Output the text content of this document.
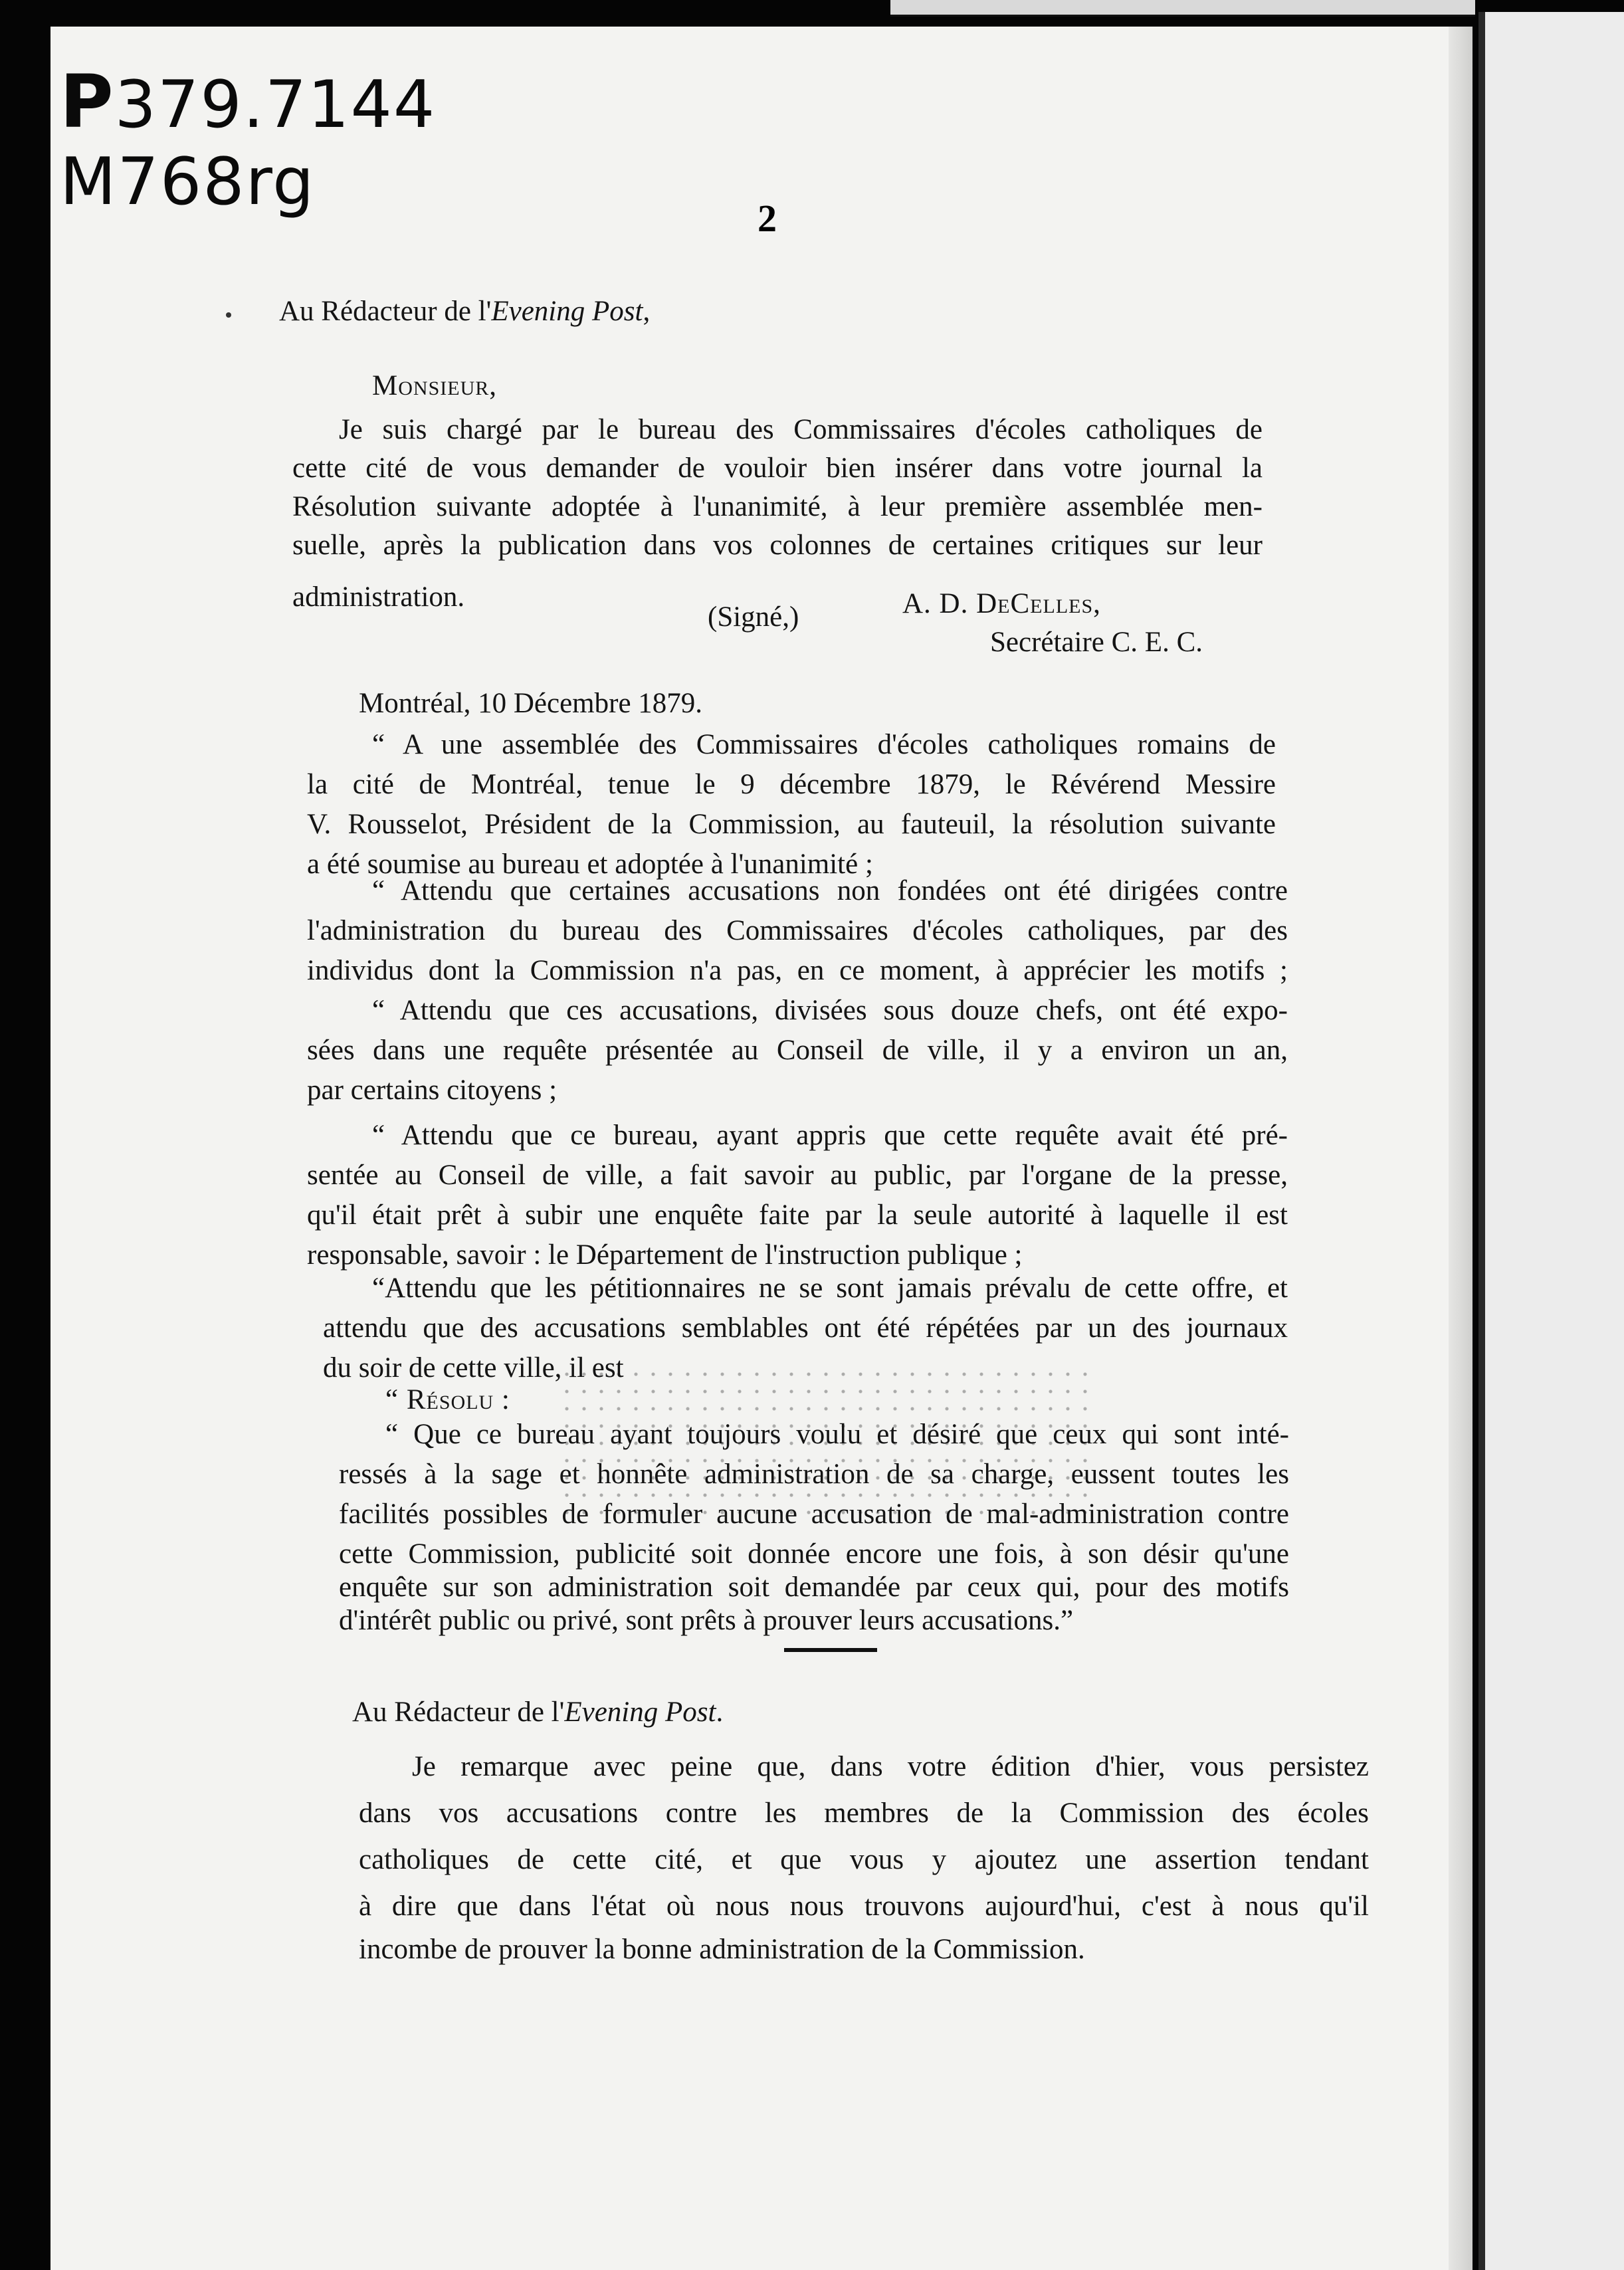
P379.7144
M768rg	2
Au Rédacteur de l'Evening Post,
Monsieur,
Je suis chargé par le bureau des Commissaires d'écoles catholiques de
cette cité de vous demander de vouloir bien insérer dans votre journal la
Résolution suivante adoptée à l'unanimité, à leur première assemblée men-
suelle, après la publication dans vos colonnes de certaines critiques sur leur
administration.
(Signé,)	A. D. DeCelles,
Secrétaire C. E. C.
Montréal, 10 Décembre 1879.
“ A une assemblée des Commissaires d'écoles catholiques romains de
la cité de Montréal, tenue le 9 décembre 1879, le Révérend Messire
V. Rousselot, Président de la Commission, au fauteuil, la résolution suivante
a été soumise au bureau et adoptée à l'unanimité ;
“ Attendu que certaines accusations non fondées ont été dirigées contre
l'administration du bureau des Commissaires d'écoles catholiques, par des
individus dont la Commission n'a pas, en ce moment, à apprécier les motifs ;
“ Attendu que ces accusations, divisées sous douze chefs, ont été expo-
sées dans une requête présentée au Conseil de ville, il y a environ un an,
par certains citoyens ;
“ Attendu que ce bureau, ayant appris que cette requête avait été pré-
sentée au Conseil de ville, a fait savoir au public, par l'organe de la presse,
qu'il était prêt à subir une enquête faite par la seule autorité à laquelle il est
responsable, savoir : le Département de l'instruction publique ;
“Attendu que les pétitionnaires ne se sont jamais prévalu de cette offre, et
attendu que des accusations semblables ont été répétées par un des journaux
du soir de cette ville, il est
“ Résolu :
“ Que ce bureau ayant toujours voulu et désiré que ceux qui sont inté-
ressés à la sage et honnête administration de sa charge, eussent toutes les
facilités possibles de formuler aucune accusation de mal-administration contre
cette Commission, publicité soit donnée encore une fois, à son désir qu'une
enquête sur son administration soit demandée par ceux qui, pour des motifs
d'intérêt public ou privé, sont prêts à prouver leurs accusations.”
Au Rédacteur de l'Evening Post.
Je remarque avec peine que, dans votre édition d'hier, vous persistez
dans vos accusations contre les membres de la Commission des écoles
catholiques de cette cité, et que vous y ajoutez une assertion tendant
à dire que dans l'état où nous nous trouvons aujourd'hui, c'est à nous qu'il
incombe de prouver la bonne administration de la Commission.
